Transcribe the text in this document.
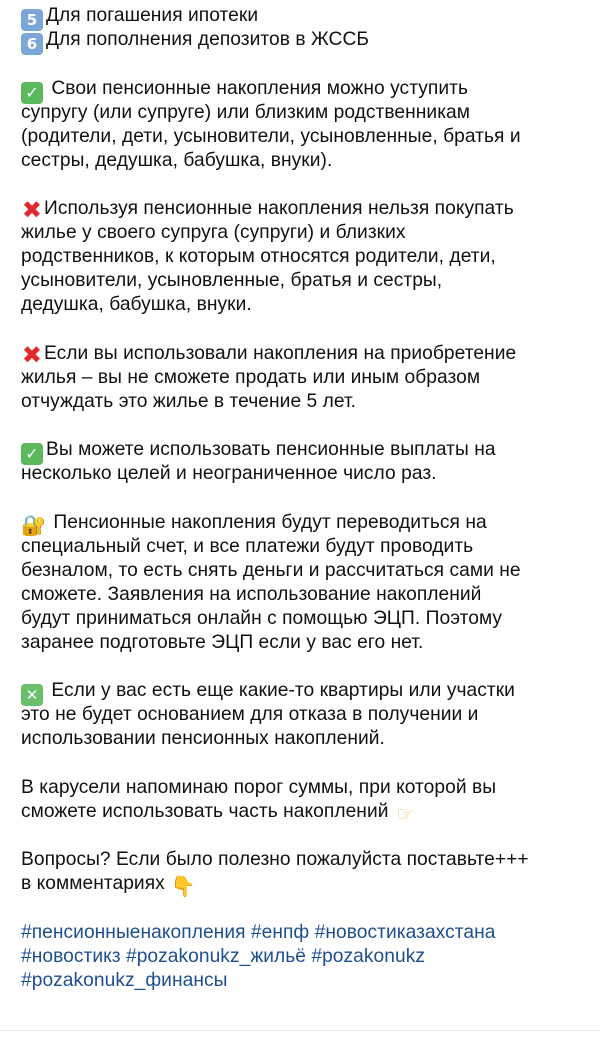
5 Для погашения ипотеки
6 Для пополнения депозитов в ЖССБ
✓ Свои пенсионные накопления можно уступить
супругу (или супруге) или близким родственникам
(родители, дети, усыновители, усыновленные, братья и
сестры, дедушка, бабушка, внуки).
✖ Используя пенсионные накопления нельзя покупать
жилье у своего супруга (супруги) и близких
родственников, к которым относятся родители, дети,
усыновители, усыновленные, братья и сестры,
дедушка, бабушка, внуки.
✖ Если вы использовали накопления на приобретение
жилья – вы не сможете продать или иным образом
отчуждать это жилье в течение 5 лет.
✓ Вы можете использовать пенсионные выплаты на
несколько целей и неограниченное число раз.
🔐 Пенсионные накопления будут переводиться на
специальный счет, и все платежи будут проводить
безналом, то есть снять деньги и рассчитаться сами не
сможете. Заявления на использование накоплений
будут приниматься онлайн с помощью ЭЦП. Поэтому
заранее подготовьте ЭЦП если у вас его нет.
✕ Если у вас есть еще какие-то квартиры или участки
это не будет основанием для отказа в получении и
использовании пенсионных накоплений.
В карусели напоминаю порог суммы, при которой вы
сможете использовать часть накоплений ☞
Вопросы? Если было полезно пожалуйста поставьте+++
в комментариях 👇
#пенсионныенакопления #енпф #новостиказахстана
#новостикз #pozakonukz_жильё #pozakonukz
#pozakonukz_финансы
